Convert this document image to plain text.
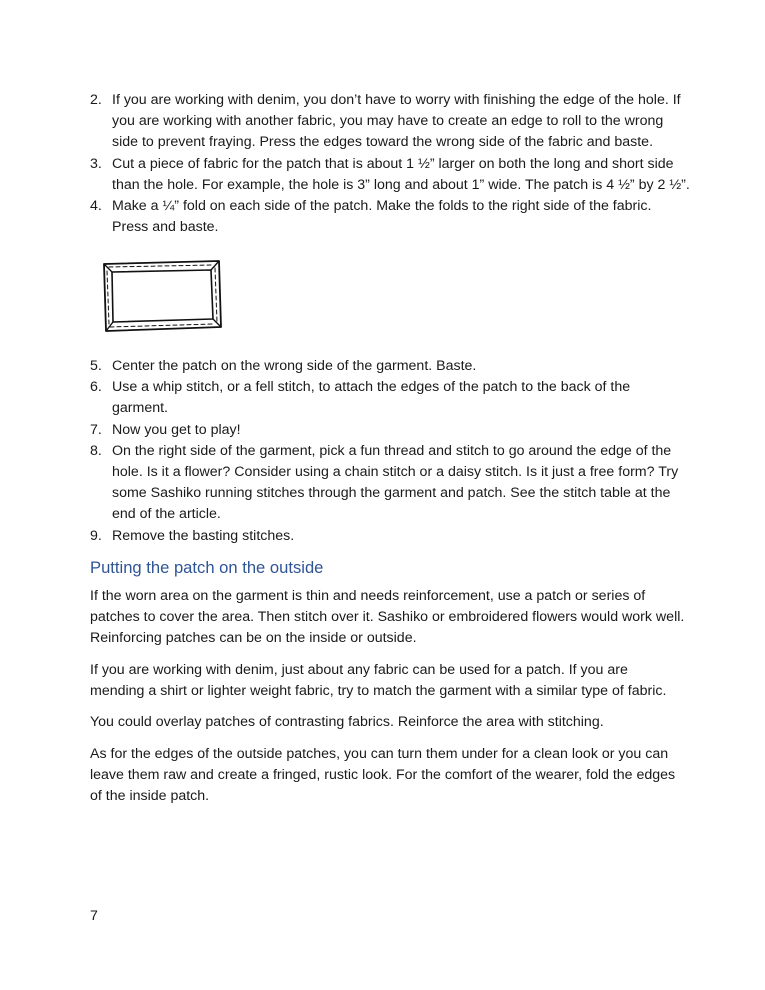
2. If you are working with denim, you don’t have to worry with finishing the edge of the hole. If you are working with another fabric, you may have to create an edge to roll to the wrong side to prevent fraying. Press the edges toward the wrong side of the fabric and baste.
3. Cut a piece of fabric for the patch that is about 1 ½” larger on both the long and short side than the hole. For example, the hole is 3” long and about 1” wide. The patch is 4 ½” by 2 ½”.
4. Make a ¼” fold on each side of the patch. Make the folds to the right side of the fabric. Press and baste.
5. Center the patch on the wrong side of the garment. Baste.
6. Use a whip stitch, or a fell stitch, to attach the edges of the patch to the back of the garment.
7. Now you get to play!
8. On the right side of the garment, pick a fun thread and stitch to go around the edge of the hole. Is it a flower? Consider using a chain stitch or a daisy stitch. Is it just a free form? Try some Sashiko running stitches through the garment and patch. See the stitch table at the end of the article.
9. Remove the basting stitches.
Putting the patch on the outside

If the worn area on the garment is thin and needs reinforcement, use a patch or series of patches to cover the area. Then stitch over it. Sashiko or embroidered flowers would work well. Reinforcing patches can be on the inside or outside.

If you are working with denim, just about any fabric can be used for a patch. If you are mending a shirt or lighter weight fabric, try to match the garment with a similar type of fabric.

You could overlay patches of contrasting fabrics. Reinforce the area with stitching.

As for the edges of the outside patches, you can turn them under for a clean look or you can leave them raw and create a fringed, rustic look. For the comfort of the wearer, fold the edges of the inside patch.

7
